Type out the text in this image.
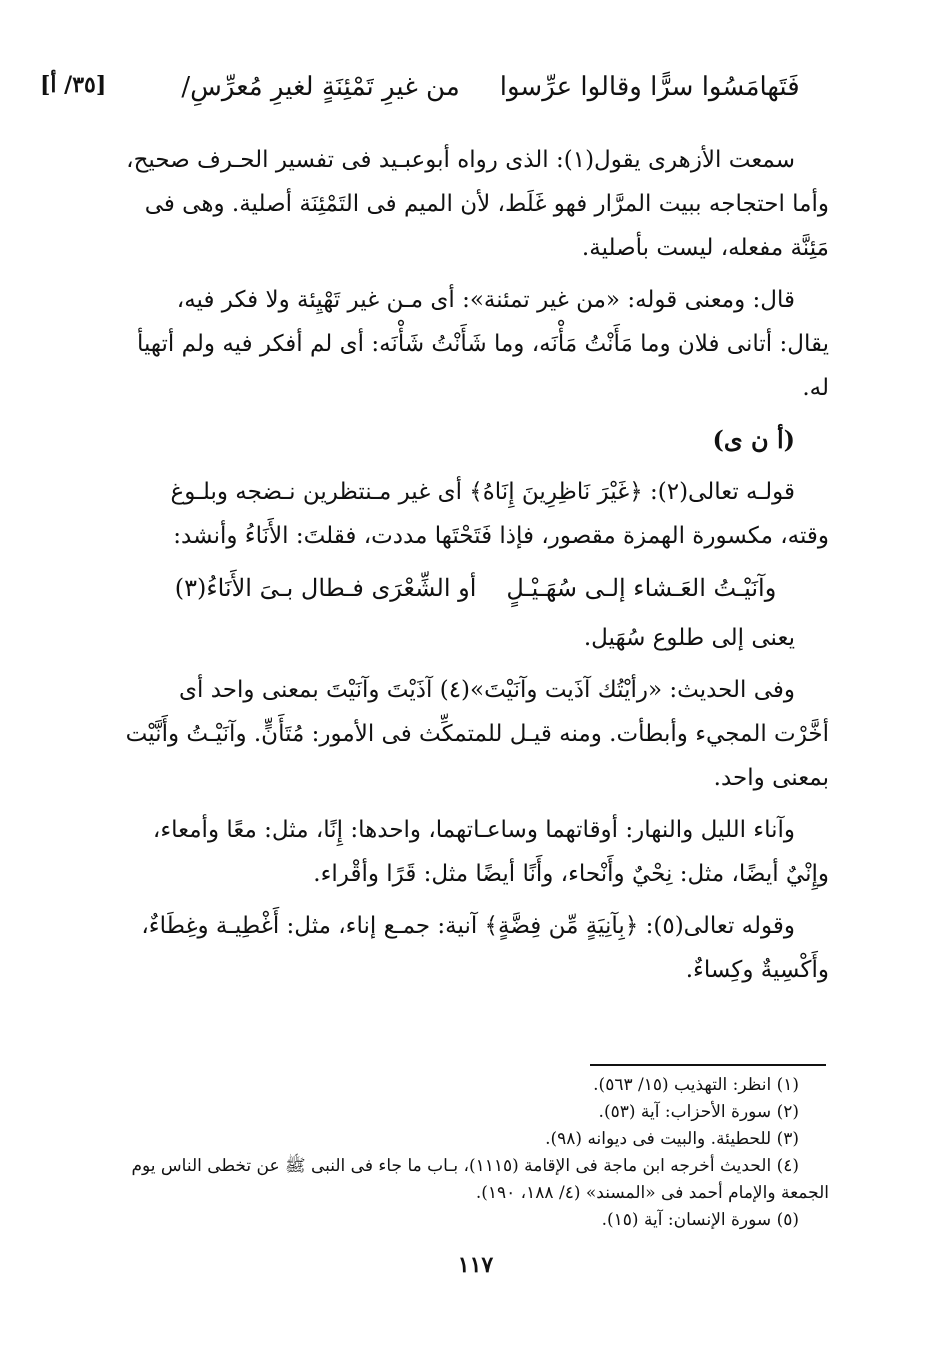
[٣٥/ أ]	فَتَهامَسُوا سرًّا وقالوا عرِّسوا
من غيرِ تَمْئِنَةٍ لغيرِ مُعرِّسِ/

سمعت الأزهرى يقول(١): الذى رواه أبوعبـيد فى تفسير الحـرف صحيح، وأما احتجاجه ببيت المرَّار فهو غَلَط، لأن الميم فى التَمْئِنَة أصلية. وهى فى مَئِنَّة مفعله، ليست بأصلية.

قال: ومعنى قوله: «من غير تمئنة»: أى مـن غير تَهْيِئة ولا فكر فيه، يقال: أتانى فلان وما مَأَنْتُ مَأْنَه، وما شَأَنْتُ شَأْنَه: أى لم أفكر فيه ولم أتهيأ له.

(أ ن ى)

قولـه تعالى(٢): ﴿غَيْرَ نَاظِرِينَ إِنَاهُ﴾ أى غير مـنتظرين نـضجه وبلـوغ وقته، مكسورة الهمزة مقصور، فإذا فَتَحْتَها مددت، فقلتَ: الأَنَاءُ وأنشد:

وآنَيْـتُ العَـشاء إلـى سُهَـيْـلٍ
أو الشِّعْرَى فـطال بـىَ الأَنَاءُ(٣)

يعنى إلى طلوع سُهَيل.

وفى الحديث: «رأيْتُك آذَيت وآنَيْتَ»(٤) آذَيْتَ وآنَيْتَ بمعنى واحد أى أخَّرْت المجيء وأبطأت. ومنه قيـل للمتمكِّث فى الأمور: مُتَأَنٍّ. وآنَيْـتُ وأَنَّيْت بمعنى واحد.

وآناء الليل والنهار: أوقاتهما وساعـاتهما، واحدها: إِنًا، مثل: معًا وأمعاء، وإِنْيٌ أيضًا، مثل: نِحْيٌ وأَنْحاء، وأَنًا أيضًا مثل: قَرًا وأقْراء.

وقوله تعالى(٥): ﴿بِآنِيَةٍ مِّن فِضَّةٍ﴾ آنية: جمـع إناء، مثل: أَغْطِيـة وغِطَاءٌ، وأَكْسِيةٌ وكِساءٌ.

(١) انظر: التهذيب (١٥/ ٥٦٣).
(٢) سورة الأحزاب: آية (٥٣).
(٣) للحطيئة. والبيت فى ديوانه (٩٨).
(٤) الحديث أخرجه ابن ماجة فى الإقامة (١١١٥)، بـاب ما جاء فى النبى ﷺ عن تخطى الناس يوم الجمعة والإمام أحمد فى «المسند» (٤/ ١٨٨، ١٩٠).
(٥) سورة الإنسان: آية (١٥).
١١٧
